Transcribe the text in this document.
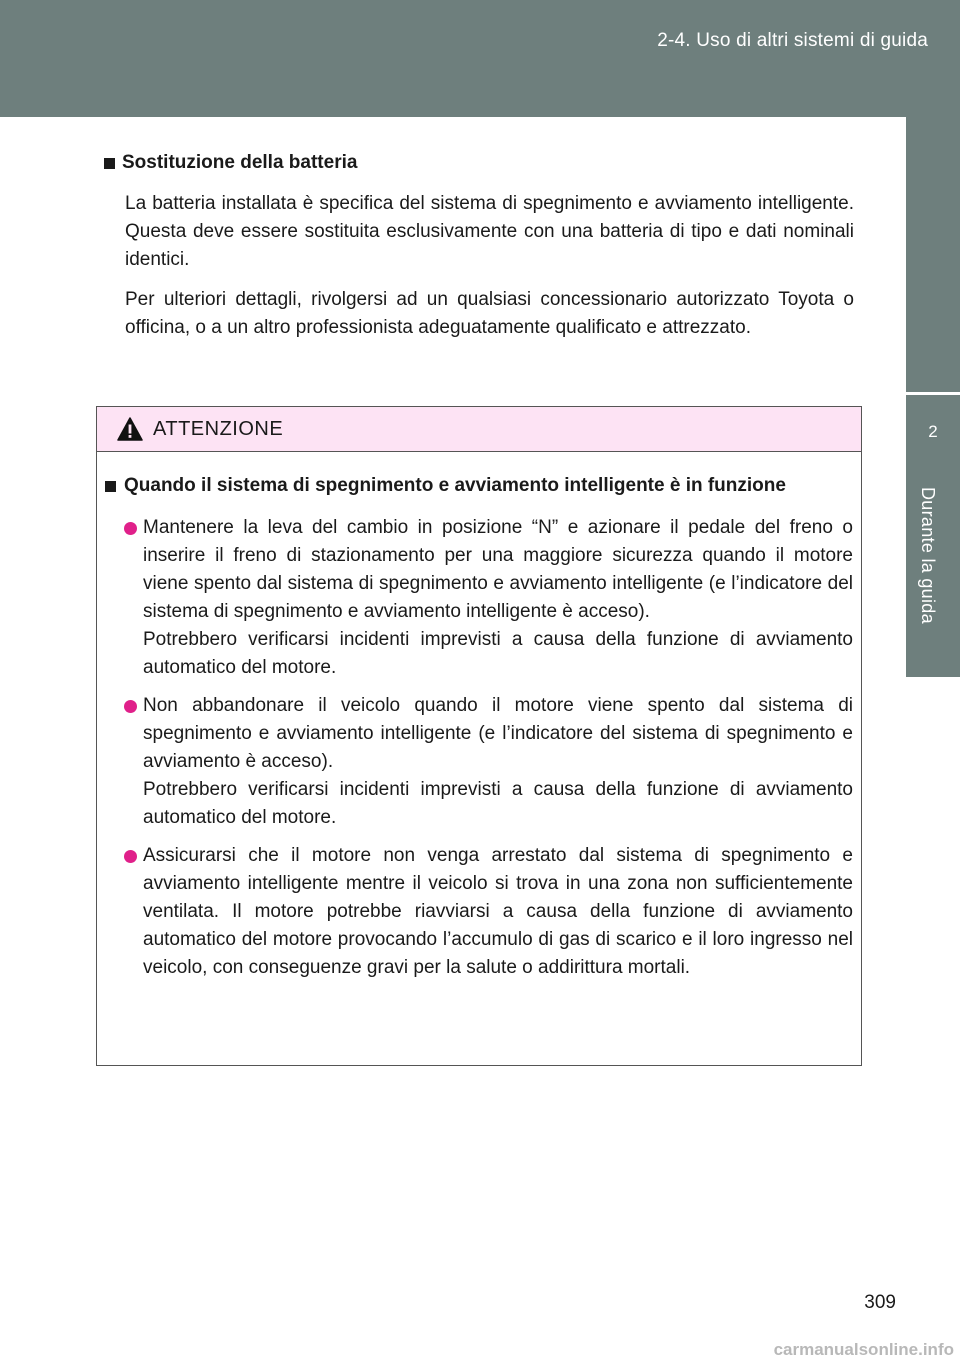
2-4. Uso di altri sistemi di guida
2
Durante la guida
Sostituzione della batteria

La batteria installata è specifica del sistema di spegnimento e avviamento intelligente. Questa deve essere sostituita esclusivamente con una batteria di tipo e dati nominali identici.

Per ulteriori dettagli, rivolgersi ad un qualsiasi concessionario autorizzato Toyota o officina, o a un altro professionista adeguatamente qualificato e attrezzato.

ATTENZIONE
Quando il sistema di spegnimento e avviamento intelligente è in funzione

Mantenere la leva del cambio in posizione “N” e azionare il pedale del freno o inserire il freno di stazionamento per una maggiore sicurezza quando il motore viene spento dal sistema di spegnimento e avviamento intelligente (e l’indicatore del sistema di spegnimento e avviamento intelligente è acceso).

Potrebbero verificarsi incidenti imprevisti a causa della funzione di avviamento automatico del motore.

Non abbandonare il veicolo quando il motore viene spento dal sistema di spegnimento e avviamento intelligente (e l’indicatore del sistema di spegnimento e avviamento è acceso).

Potrebbero verificarsi incidenti imprevisti a causa della funzione di avviamento automatico del motore.

Assicurarsi che il motore non venga arrestato dal sistema di spegnimento e avviamento intelligente mentre il veicolo si trova in una zona non sufficientemente ventilata. Il motore potrebbe riavviarsi a causa della funzione di avviamento automatico del motore provocando l’accumulo di gas di scarico e il loro ingresso nel veicolo, con conseguenze gravi per la salute o addirittura mortali.

309
carmanualsonline.info
